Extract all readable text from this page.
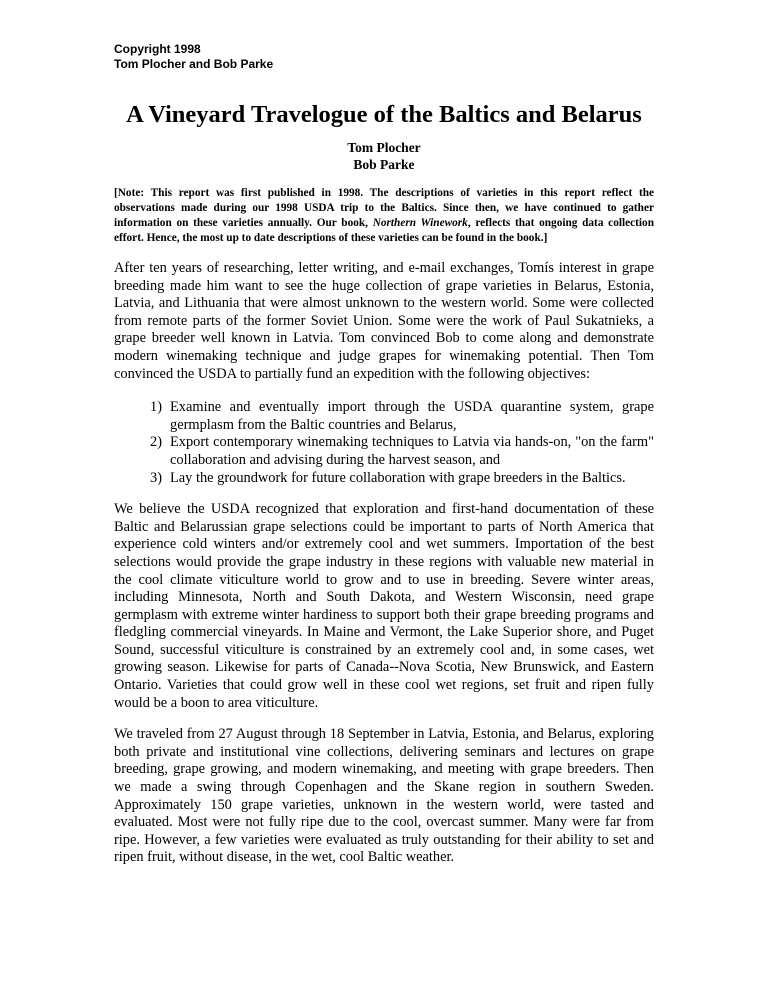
Copyright 1998
Tom Plocher and Bob Parke
A Vineyard Travelogue of the Baltics and Belarus
Tom Plocher
Bob Parke

[Note: This report was first published in 1998. The descriptions of varieties in this report reflect the observations made during our 1998 USDA trip to the Baltics. Since then, we have continued to gather information on these varieties annually. Our book, Northern Winework, reflects that ongoing data collection effort. Hence, the most up to date descriptions of these varieties can be found in the book.]

After ten years of researching, letter writing, and e-mail exchanges, Tomís interest in grape breeding made him want to see the huge collection of grape varieties in Belarus, Estonia, Latvia, and Lithuania that were almost unknown to the western world. Some were collected from remote parts of the former Soviet Union. Some were the work of Paul Sukatnieks, a grape breeder well known in Latvia. Tom convinced Bob to come along and demonstrate modern winemaking technique and judge grapes for winemaking potential. Then Tom convinced the USDA to partially fund an expedition with the following objectives:

1) Examine and eventually import through the USDA quarantine system, grape germplasm from the Baltic countries and Belarus,
2) Export contemporary winemaking techniques to Latvia via hands-on, "on the farm" collaboration and advising during the harvest season, and
3) Lay the groundwork for future collaboration with grape breeders in the Baltics.

We believe the USDA recognized that exploration and first-hand documentation of these Baltic and Belarussian grape selections could be important to parts of North America that experience cold winters and/or extremely cool and wet summers. Importation of the best selections would provide the grape industry in these regions with valuable new material in the cool climate viticulture world to grow and to use in breeding. Severe winter areas, including Minnesota, North and South Dakota, and Western Wisconsin, need grape germplasm with extreme winter hardiness to support both their grape breeding programs and fledgling commercial vineyards. In Maine and Vermont, the Lake Superior shore, and Puget Sound, successful viticulture is constrained by an extremely cool and, in some cases, wet growing season. Likewise for parts of Canada--Nova Scotia, New Brunswick, and Eastern Ontario. Varieties that could grow well in these cool wet regions, set fruit and ripen fully would be a boon to area viticulture.

We traveled from 27 August through 18 September in Latvia, Estonia, and Belarus, exploring both private and institutional vine collections, delivering seminars and lectures on grape breeding, grape growing, and modern winemaking, and meeting with grape breeders. Then we made a swing through Copenhagen and the Skane region in southern Sweden. Approximately 150 grape varieties, unknown in the western world, were tasted and evaluated. Most were not fully ripe due to the cool, overcast summer. Many were far from ripe. However, a few varieties were evaluated as truly outstanding for their ability to set and ripen fruit, without disease, in the wet, cool Baltic weather.
